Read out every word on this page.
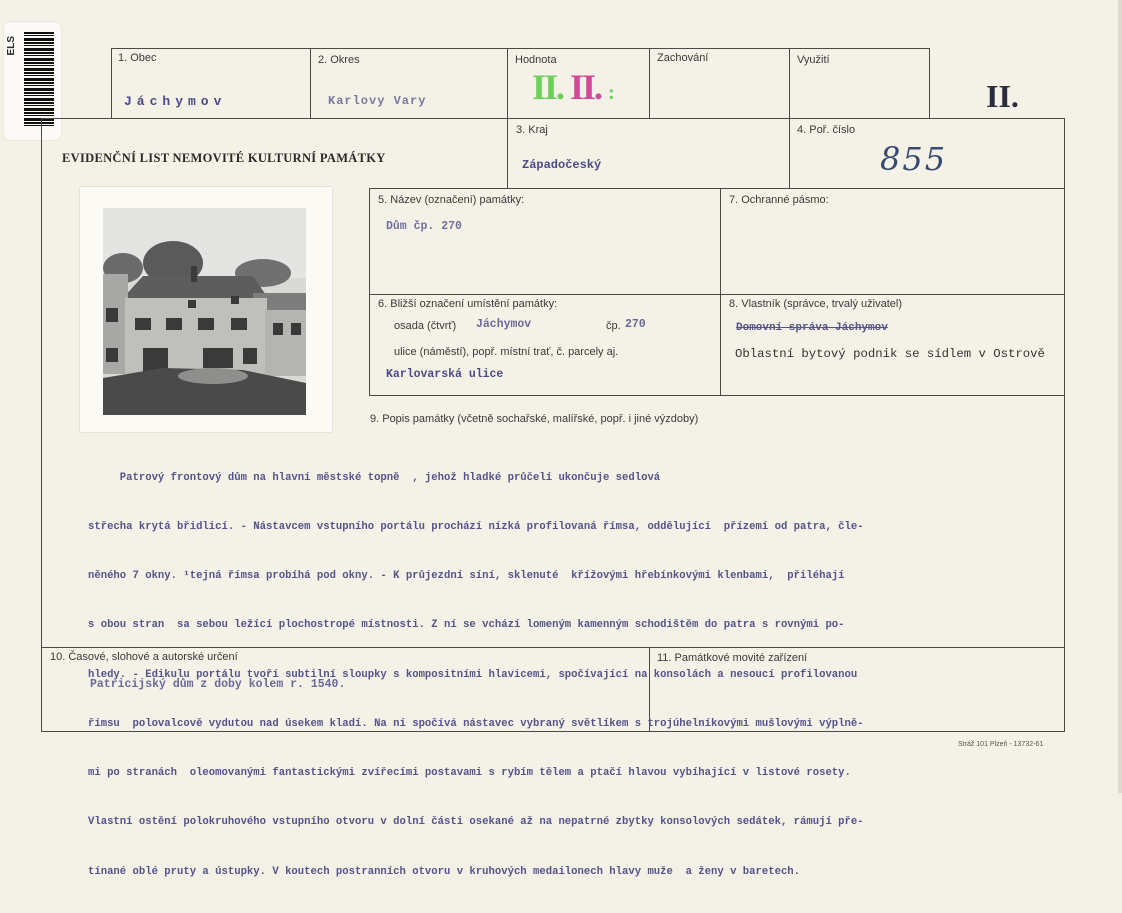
ELS
1. Obec
Jáchymov
2. Okres
Karlovy Vary
Hodnota
II. II. :
Zachování	Využití
II.
EVIDENČNÍ LIST NEMOVITÉ KULTURNÍ PAMÁTKY
3. Kraj
Západočeský
4. Poř. číslo
855
5. Název (označení) památky:
Dům čp. 270
7. Ochranné pásmo:
6. Bližší označení umístění památky:
osada (čtvrť) Jáchymov	čp. 270
ulice (náměstí), popř. místní trať, č. parcely aj.
Karlovarská ulice
8. Vlastník (správce, trvalý uživatel)
Domovní správa Jáchymov
Oblastní bytový podnik se sídlem v Ostrově
9. Popis památky (včetně sochařské, malířské, popř. i jiné výzdoby)

Patrový frontový dům na hlavní městské topně  , jehož hladké průčelí ukončuje sedlová

střecha krytá břidlicí. - Nástavcem vstupního portálu prochází nízká profilovaná římsa, oddělující  přízemí od patra, čle-

něného 7 okny. ¹tejná římsa probíhá pod okny. - K průjezdní síní, sklenuté  křížovými hřebínkovými klenbami,  přiléhají

s obou stran  sa sebou ležící plochostropé místnosti. Z ní se vchází lomeným kamenným schodištěm do patra s rovnými po-

hledy. - Edikulu portálu tvoří subtilní sloupky s kompositními hlavicemi, spočívající na konsolách a nesoucí profilovanou

římsu  polovalcově vydutou nad úsekem kladí. Na ní spočívá nástavec vybraný světlíkem s trojúhelníkovými mušlovými výplně-

mi po stranách  oleomovanými fantastickými zvířecími postavami s rybím tělem a ptačí hlavou vybíhající v listové rosety.

Vlastní ostění polokruhového vstupního otvoru v dolní části osekané až na nepatrné zbytky konsolových sedátek, rámují pře-

tínané oblé pruty a ústupky. V koutech postranních otvoru v kruhových medailonech hlavy muže  a ženy v baretech.

10. Časové, slohové a autorské určení
Patricijský dům z doby kolem r. 1540.
11. Památkové movité zařízení
Stráž 101 Plzeň - 13732-61
